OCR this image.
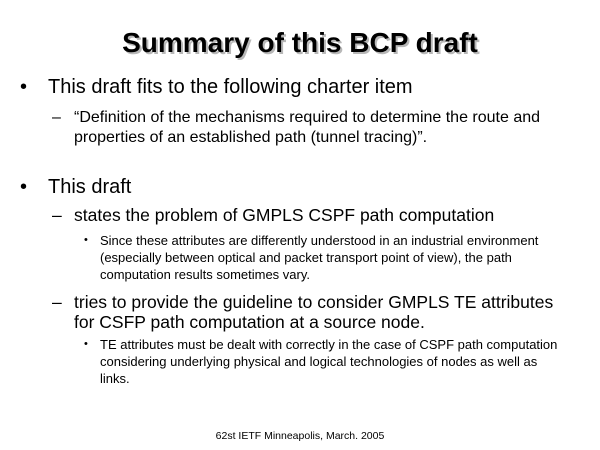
Summary of this BCP draft
• This draft fits to the following charter item
– “Definition of the mechanisms required to determine the route and properties of an established path (tunnel tracing)”.
• This draft
– states the problem of GMPLS CSPF path computation
• Since these attributes are differently understood in an industrial environment (especially between optical and packet transport point of view), the path computation results sometimes vary.
– tries to provide the guideline to consider GMPLS TE attributes for CSFP path computation at a source node.
• TE attributes must be dealt with correctly in the case of CSPF path computation considering underlying physical and logical technologies of nodes as well as links.
62st IETF Minneapolis, March. 2005
